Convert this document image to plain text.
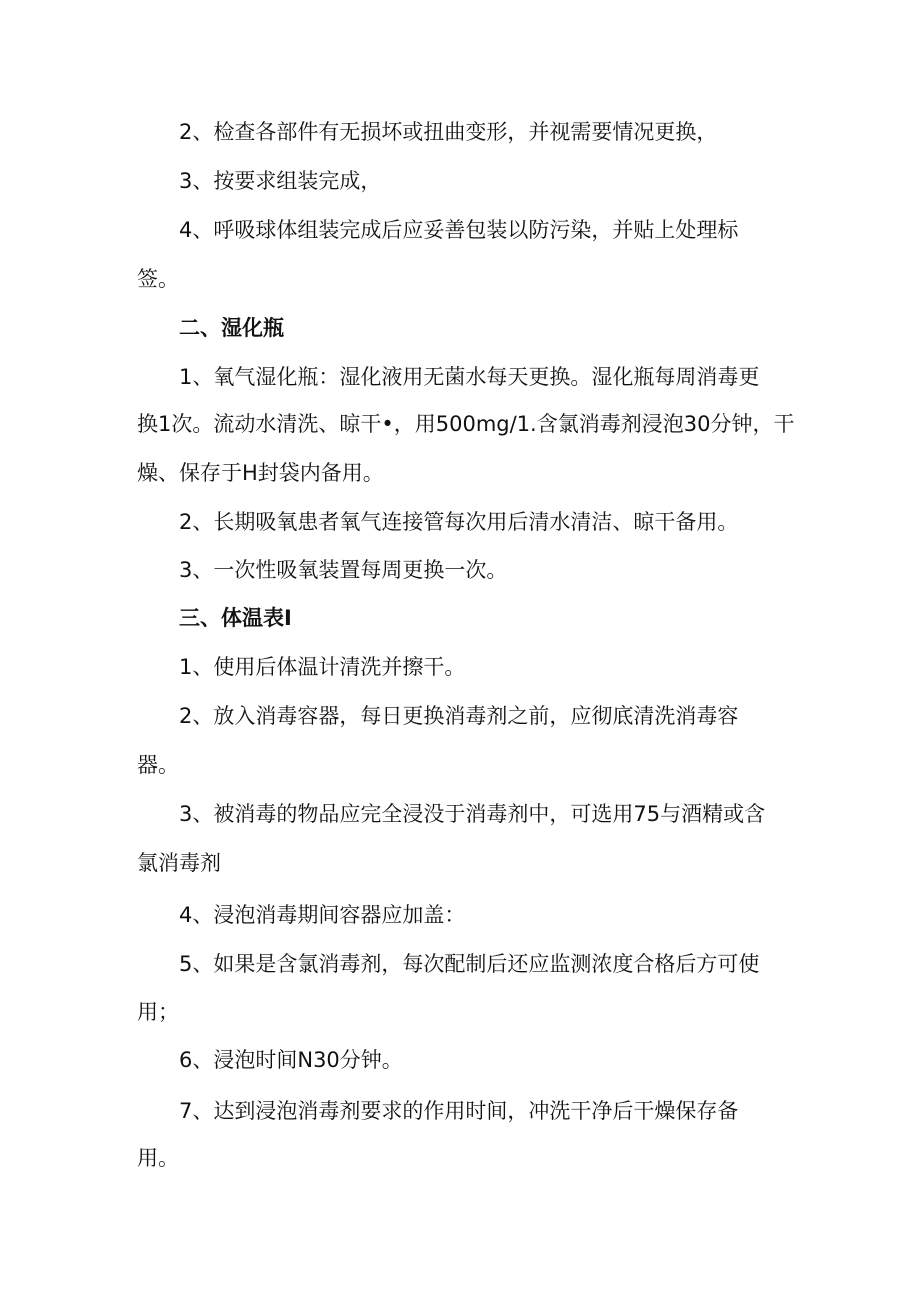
2、检查各部件有无损坏或扭曲变形，并视需要情况更换，
3、按要求组装完成，
4、呼吸球体组装完成后应妥善包装以防污染，并贴上处理标
签。
二、湿化瓶
1、氧气湿化瓶：湿化液用无菌水每天更换。湿化瓶每周消毒更
换1次。流动水清洗、晾干•，用500mg∕1.含氯消毒剂浸泡30分钟，干
燥、保存于H封袋内备用。
2、长期吸氧患者氧气连接管每次用后清水清洁、晾干备用。
3、一次性吸氧装置每周更换一次。
三、体温表I
1、使用后体温计清洗并擦干。
2、放入消毒容器，每日更换消毒剂之前，应彻底清洗消毒容
器。
3、被消毒的物品应完全浸没于消毒剂中，可选用75与酒精或含
氯消毒剂
4、浸泡消毒期间容器应加盖：
5、如果是含氯消毒剂，每次配制后还应监测浓度合格后方可使
用；
6、浸泡时间N30分钟。
7、达到浸泡消毒剂要求的作用时间，冲洗干净后干燥保存备
用。
